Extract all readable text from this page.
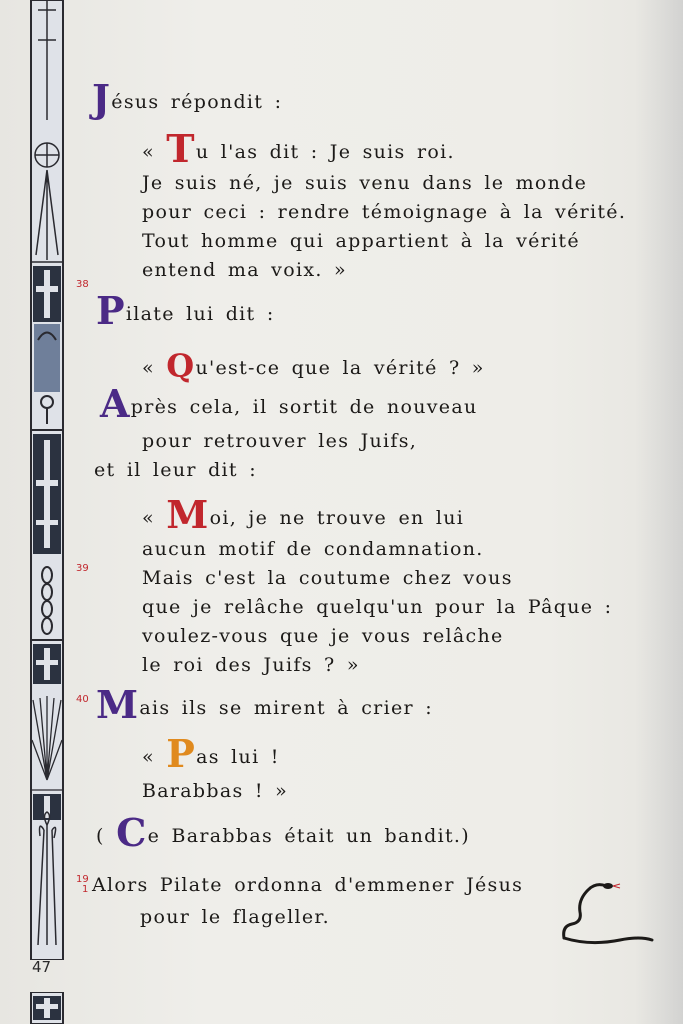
47
Jésus répondit :
« Tu l'as dit : Je suis roi.
Je suis né, je suis venu dans le monde
pour ceci : rendre témoignage à la vérité.
Tout homme qui appartient à la vérité
entend ma voix. »
38
Pilate lui dit :
« Qu'est-ce que la vérité ? »
Après cela, il sortit de nouveau
pour retrouver les Juifs,
et il leur dit :
« Moi, je ne trouve en lui
aucun motif de condamnation.
39	Mais c'est la coutume chez vous
que je relâche quelqu'un pour la Pâque :
voulez-vous que je vous relâche
le roi des Juifs ? »
40 Mais ils se mirent à crier :
« Pas lui !
Barabbas ! »
( Ce Barabbas était un bandit.)
19
1 Alors Pilate ordonna d'emmener Jésus
pour le flageller.
